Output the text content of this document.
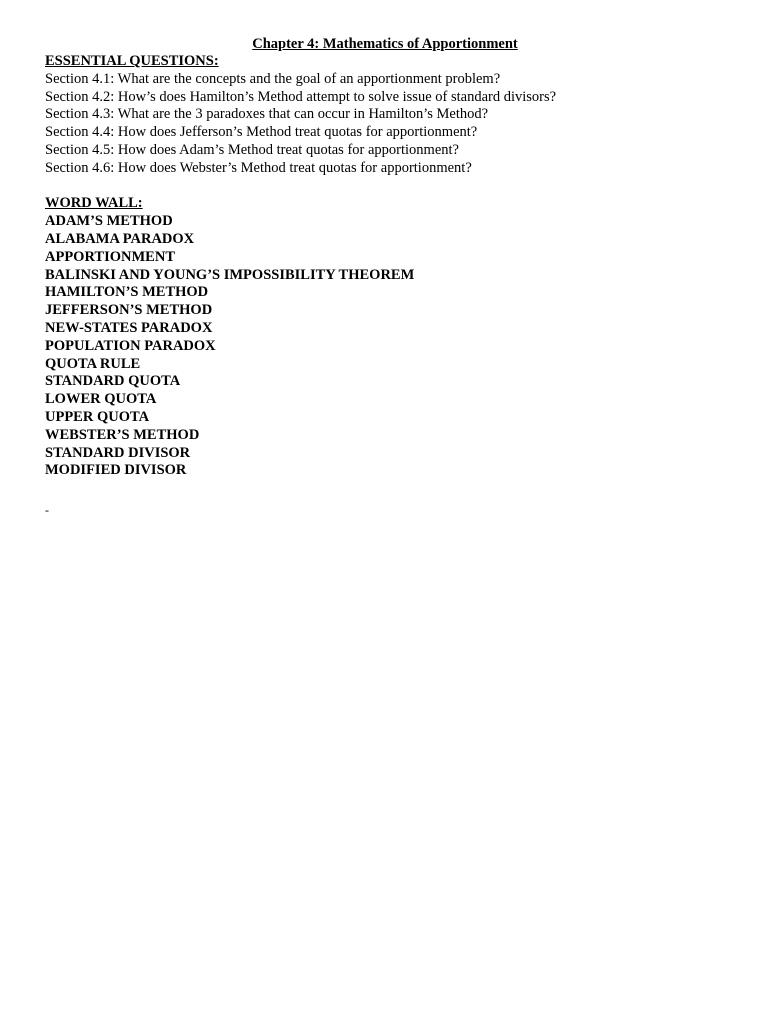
Chapter 4: Mathematics of Apportionment

ESSENTIAL QUESTIONS:

Section 4.1: What are the concepts and the goal of an apportionment problem?

Section 4.2: How’s does Hamilton’s Method attempt to solve issue of standard divisors?

Section 4.3: What are the 3 paradoxes that can occur in Hamilton’s Method?

Section 4.4: How does Jefferson’s Method treat quotas for apportionment?

Section 4.5: How does Adam’s Method treat quotas for apportionment?

Section 4.6: How does Webster’s Method treat quotas for apportionment?

WORD WALL:

ADAM’S METHOD

ALABAMA PARADOX

APPORTIONMENT

BALINSKI AND YOUNG’S IMPOSSIBILITY THEOREM

HAMILTON’S METHOD

JEFFERSON’S METHOD

NEW-STATES PARADOX

POPULATION PARADOX

QUOTA RULE

STANDARD QUOTA

LOWER QUOTA

UPPER QUOTA

WEBSTER’S METHOD

STANDARD DIVISOR

MODIFIED DIVISOR

-
